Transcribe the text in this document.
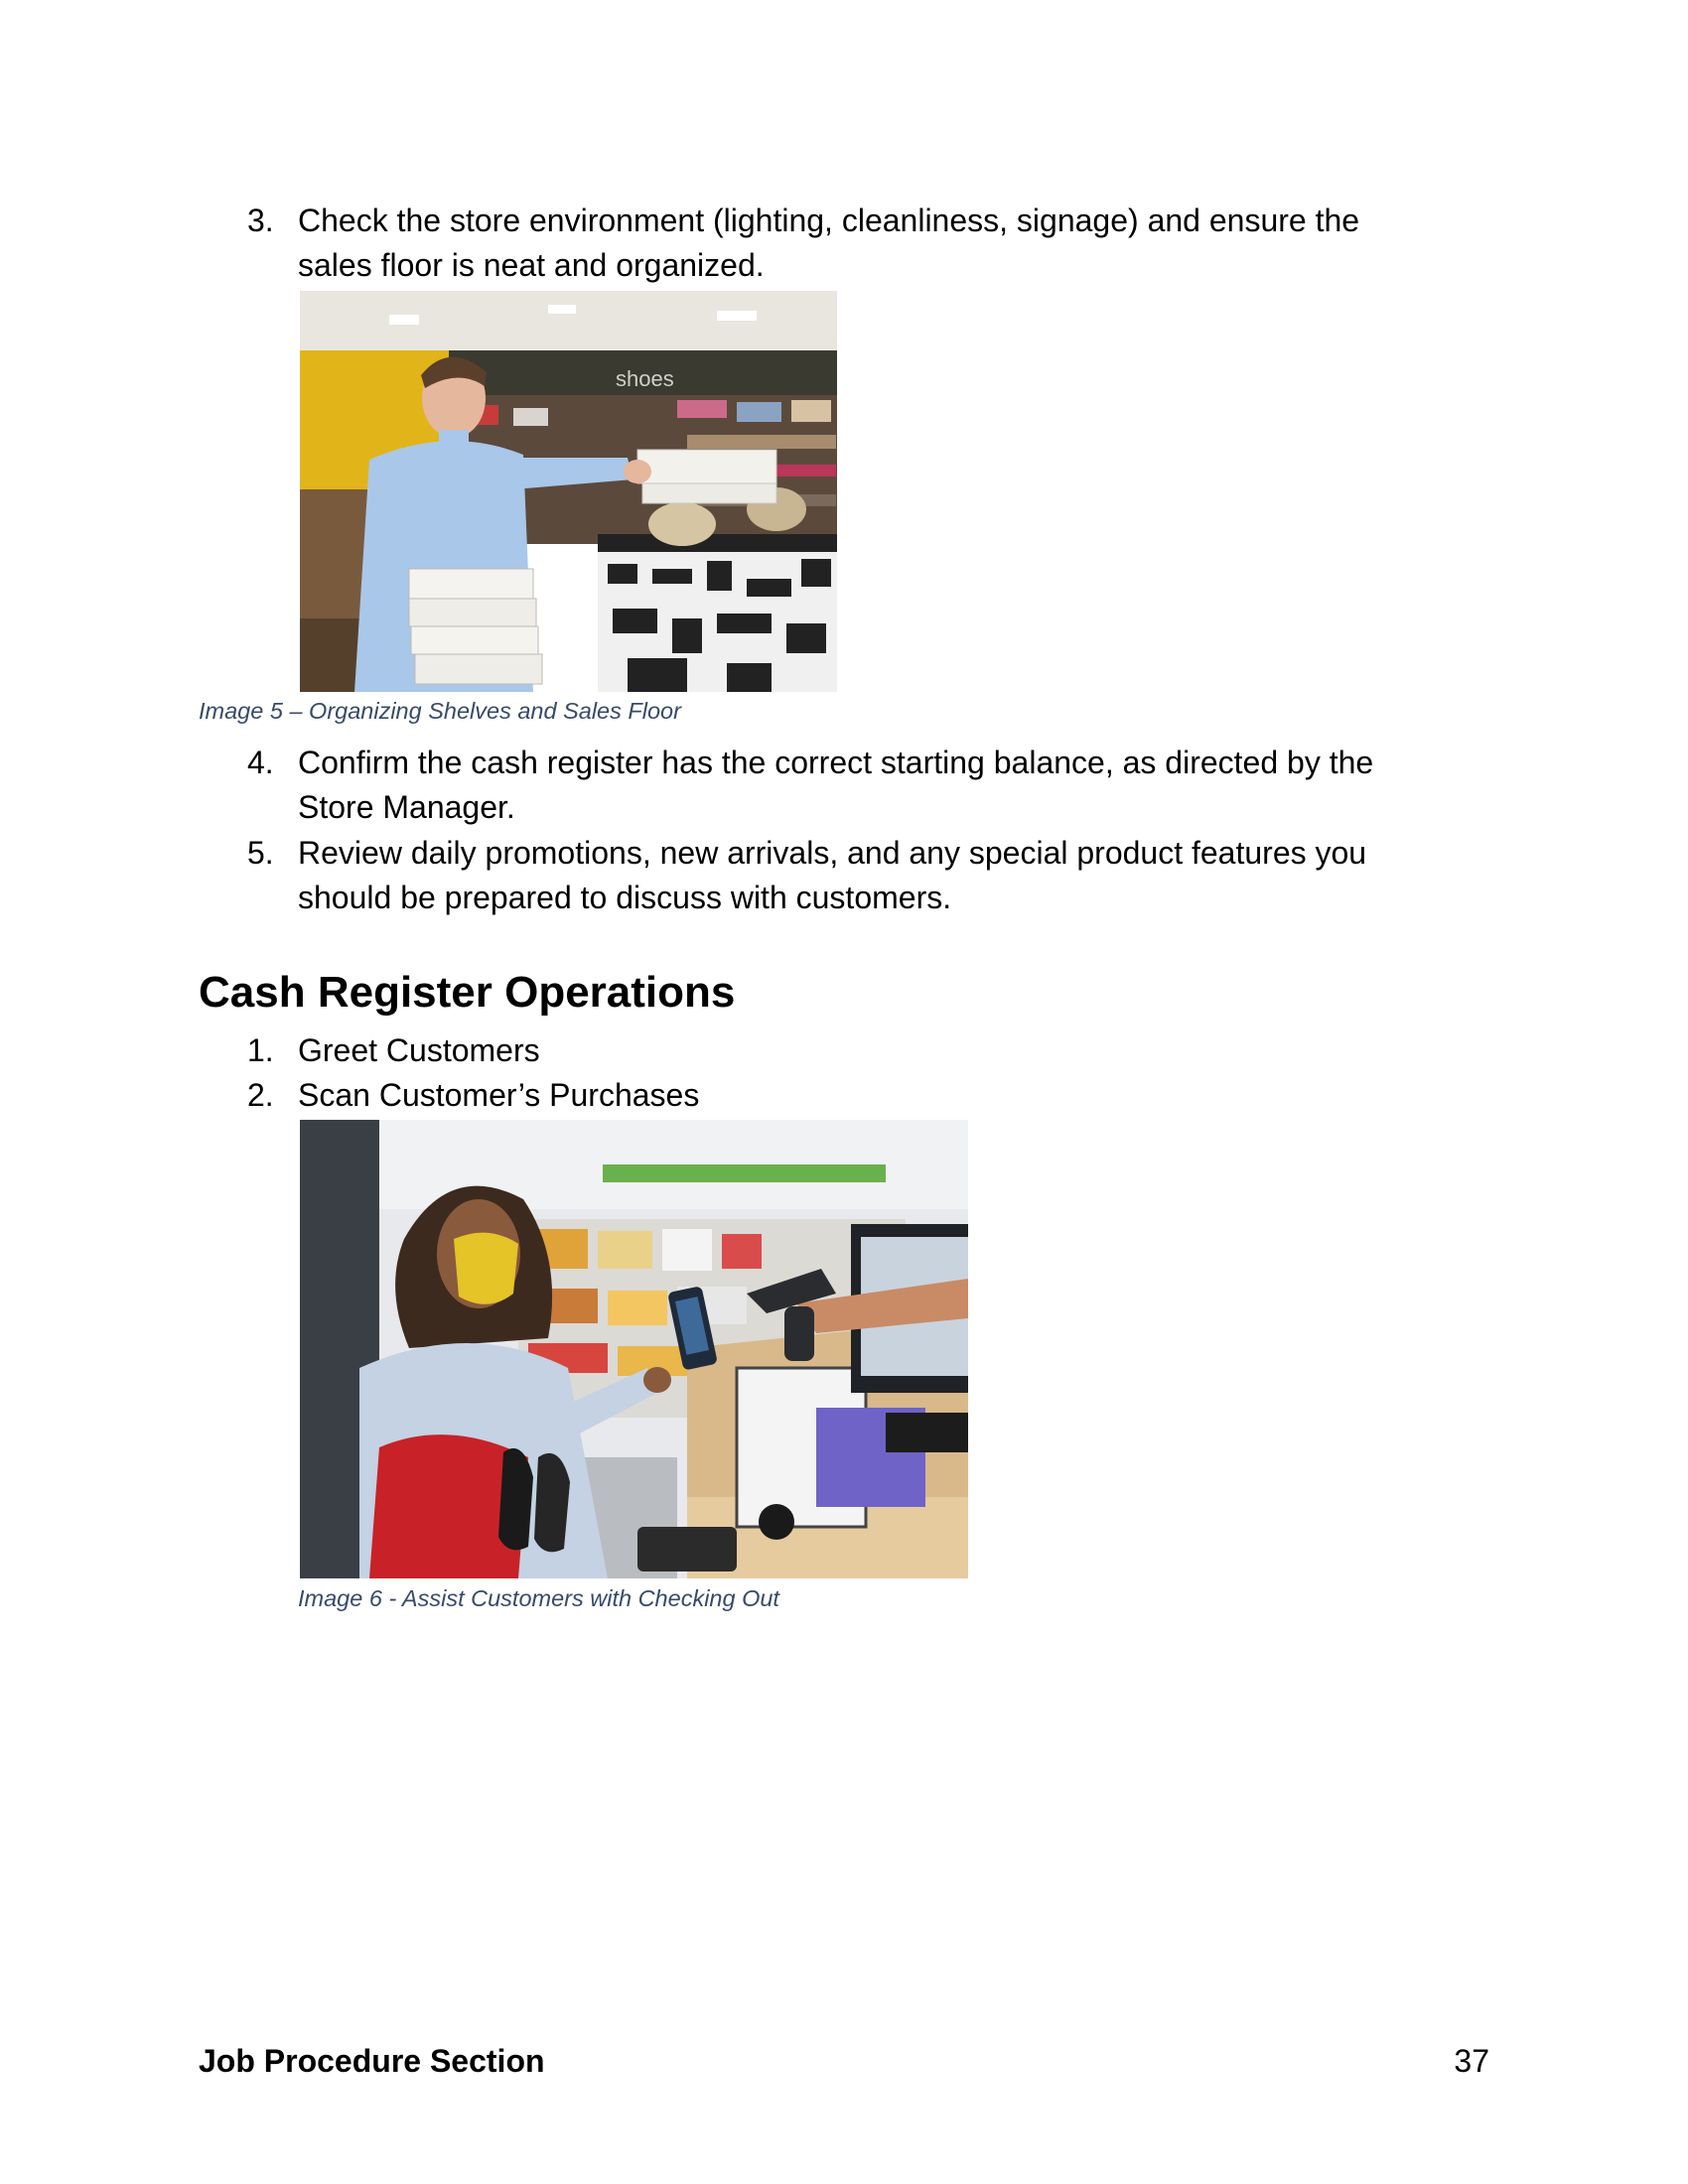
3. Check the store environment (lighting, cleanliness, signage) and ensure the
sales floor is neat and organized.
shoes
Image 5 – Organizing Shelves and Sales Floor
4. Confirm the cash register has the correct starting balance, as directed by the
Store Manager.
5. Review daily promotions, new arrivals, and any special product features you
should be prepared to discuss with customers.
Cash Register Operations
1. Greet Customers
2. Scan Customer’s Purchases
Image 6 - Assist Customers with Checking Out
Job Procedure Section	37
